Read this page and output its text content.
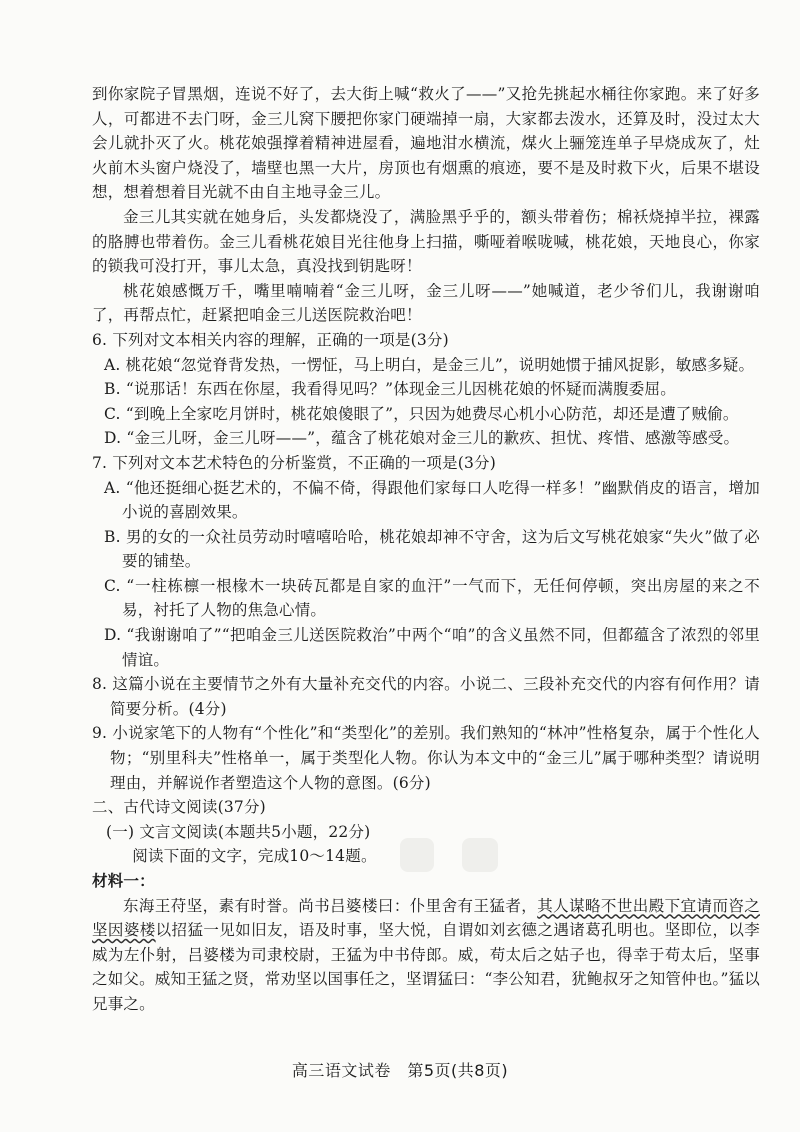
到你家院子冒黑烟，连说不好了，去大街上喊“救火了——”又抢先挑起水桶往你家跑。来了好多人，可都进不去门呀，金三儿窝下腰把你家门硬端掉一扇，大家都去泼水，还算及时，没过太大会儿就扑灭了火。桃花娘强撑着精神进屋看，遍地泔水横流，煤火上骊笼连单子早烧成灰了，灶火前木头窗户烧没了，墙壁也黑一大片，房顶也有烟熏的痕迹，要不是及时救下火，后果不堪设想，想着想着目光就不由自主地寻金三儿。

金三儿其实就在她身后，头发都烧没了，满脸黑乎乎的，额头带着伤；棉袄烧掉半拉，裸露的胳膊也带着伤。金三儿看桃花娘目光往他身上扫描，嘶哑着喉咙喊，桃花娘，天地良心，你家的锁我可没打开，事儿太急，真没找到钥匙呀！

桃花娘感慨万千，嘴里喃喃着“金三儿呀，金三儿呀——”她喊道，老少爷们儿，我谢谢咱了，再帮点忙，赶紧把咱金三儿送医院救治吧！

6. 下列对文本相关内容的理解，正确的一项是(3分)

A. 桃花娘“忽觉脊背发热，一愣怔，马上明白，是金三儿”，说明她惯于捕风捉影，敏感多疑。

B. “说那话！东西在你屋，我看得见吗？”体现金三儿因桃花娘的怀疑而满腹委屈。

C. “到晚上全家吃月饼时，桃花娘傻眼了”，只因为她费尽心机小心防范，却还是遭了贼偷。

D. “金三儿呀，金三儿呀——”，蕴含了桃花娘对金三儿的歉疚、担忧、疼惜、感激等感受。

7. 下列对文本艺术特色的分析鉴赏，不正确的一项是(3分)

A. “他还挺细心挺艺术的，不偏不倚，得跟他们家每口人吃得一样多！”幽默俏皮的语言，增加小说的喜剧效果。

B. 男的女的一众社员劳动时嘻嘻哈哈，桃花娘却神不守舍，这为后文写桃花娘家“失火”做了必要的铺垫。

C. “一柱栋檩一根椽木一块砖瓦都是自家的血汗”一气而下，无任何停顿，突出房屋的来之不易，衬托了人物的焦急心情。

D. “我谢谢咱了”“把咱金三儿送医院救治”中两个“咱”的含义虽然不同，但都蕴含了浓烈的邻里情谊。

8. 这篇小说在主要情节之外有大量补充交代的内容。小说二、三段补充交代的内容有何作用？请简要分析。(4分)

9. 小说家笔下的人物有“个性化”和“类型化”的差别。我们熟知的“林冲”性格复杂，属于个性化人物；“别里科夫”性格单一，属于类型化人物。你认为本文中的“金三儿”属于哪种类型？请说明理由，并解说作者塑造这个人物的意图。(6分)

二、古代诗文阅读(37分)

(一) 文言文阅读(本题共5小题，22分)

阅读下面的文字，完成10～14题。

材料一：

东海王苻坚，素有时誉。尚书吕婆楼曰：仆里舍有王猛者，其人谋略不世出殿下宜请而咨之坚因婆楼以招猛一见如旧友，语及时事，坚大悦，自谓如刘玄德之遇诸葛孔明也。坚即位，以李威为左仆射，吕婆楼为司隶校尉，王猛为中书侍郎。威，苟太后之姑子也，得幸于苟太后，坚事之如父。威知王猛之贤，常劝坚以国事任之，坚谓猛曰：“李公知君，犹鲍叔牙之知管仲也。”猛以兄事之。

高三语文试卷　第5页(共8页)
